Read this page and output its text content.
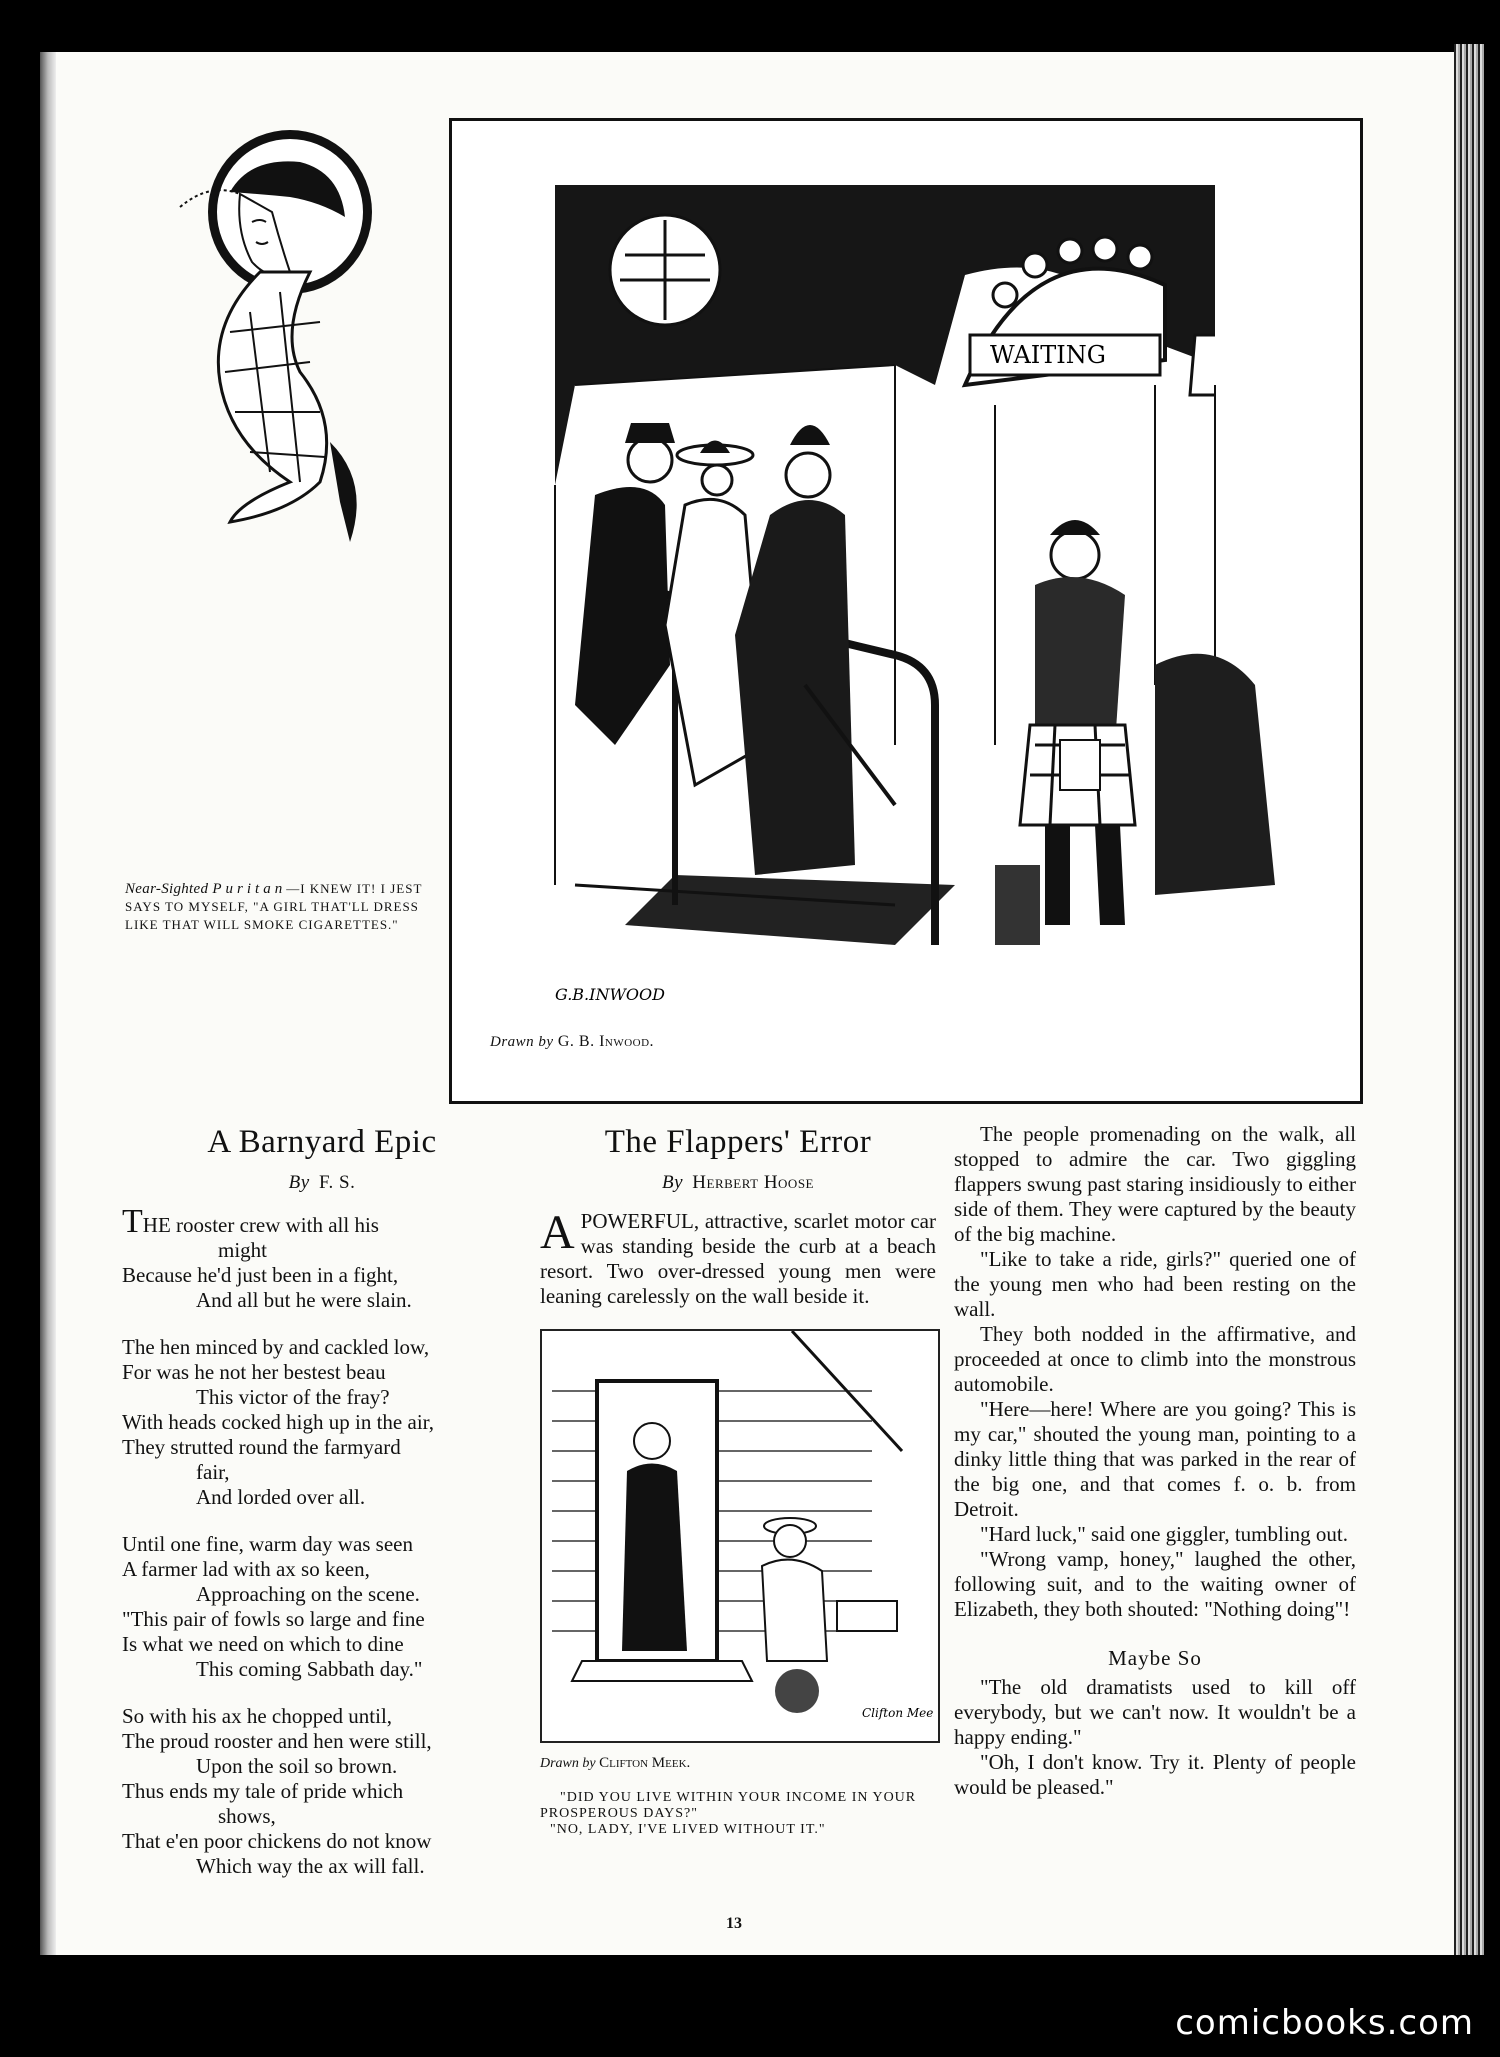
Near-Sighted Puritan—I KNEW IT! I JEST SAYS TO MYSELF, "A GIRL THAT'LL DRESS LIKE THAT WILL SMOKE CIGARETTES."
WAITING
G.B.INWOOD
Drawn by G. B. Inwood.
A Barnyard Epic
By F. S.
THE rooster crew with all his
might
Because he'd just been in a fight,
And all but he were slain.
The hen minced by and cackled low,
For was he not her bestest beau
This victor of the fray?
With heads cocked high up in the air,
They strutted round the farmyard
fair,
And lorded over all.
Until one fine, warm day was seen
A farmer lad with ax so keen,
Approaching on the scene.
"This pair of fowls so large and fine
Is what we need on which to dine
This coming Sabbath day."
So with his ax he chopped until,
The proud rooster and hen were still,
Upon the soil so brown.
Thus ends my tale of pride which
shows,
That e'en poor chickens do not know
Which way the ax will fall.
The Flappers' Error
By Herbert Hoose

APOWERFUL, attractive, scarlet motor car was standing beside the curb at a beach resort. Two over-dressed young men were leaning carelessly on the wall beside it.

Clifton Meek
Drawn by Clifton Meek.
"DID YOU LIVE WITHIN YOUR INCOME IN YOUR PROSPEROUS DAYS?"
"NO, LADY, I'VE LIVED WITHOUT IT."

The people promenading on the walk, all stopped to admire the car. Two giggling flappers swung past staring insidiously to either side of them. They were captured by the beauty of the big machine.

"Like to take a ride, girls?" queried one of the young men who had been resting on the wall.

They both nodded in the affirmative, and proceeded at once to climb into the monstrous automobile.

"Here—here! Where are you going? This is my car," shouted the young man, pointing to a dinky little thing that was parked in the rear of the big one, and that comes f. o. b. from Detroit.

"Hard luck," said one giggler, tumbling out.

"Wrong vamp, honey," laughed the other, following suit, and to the waiting owner of Elizabeth, they both shouted: "Nothing doing"!

Maybe So

"The old dramatists used to kill off everybody, but we can't now. It wouldn't be a happy ending."

"Oh, I don't know. Try it. Plenty of people would be pleased."

13
comicbooks.com
